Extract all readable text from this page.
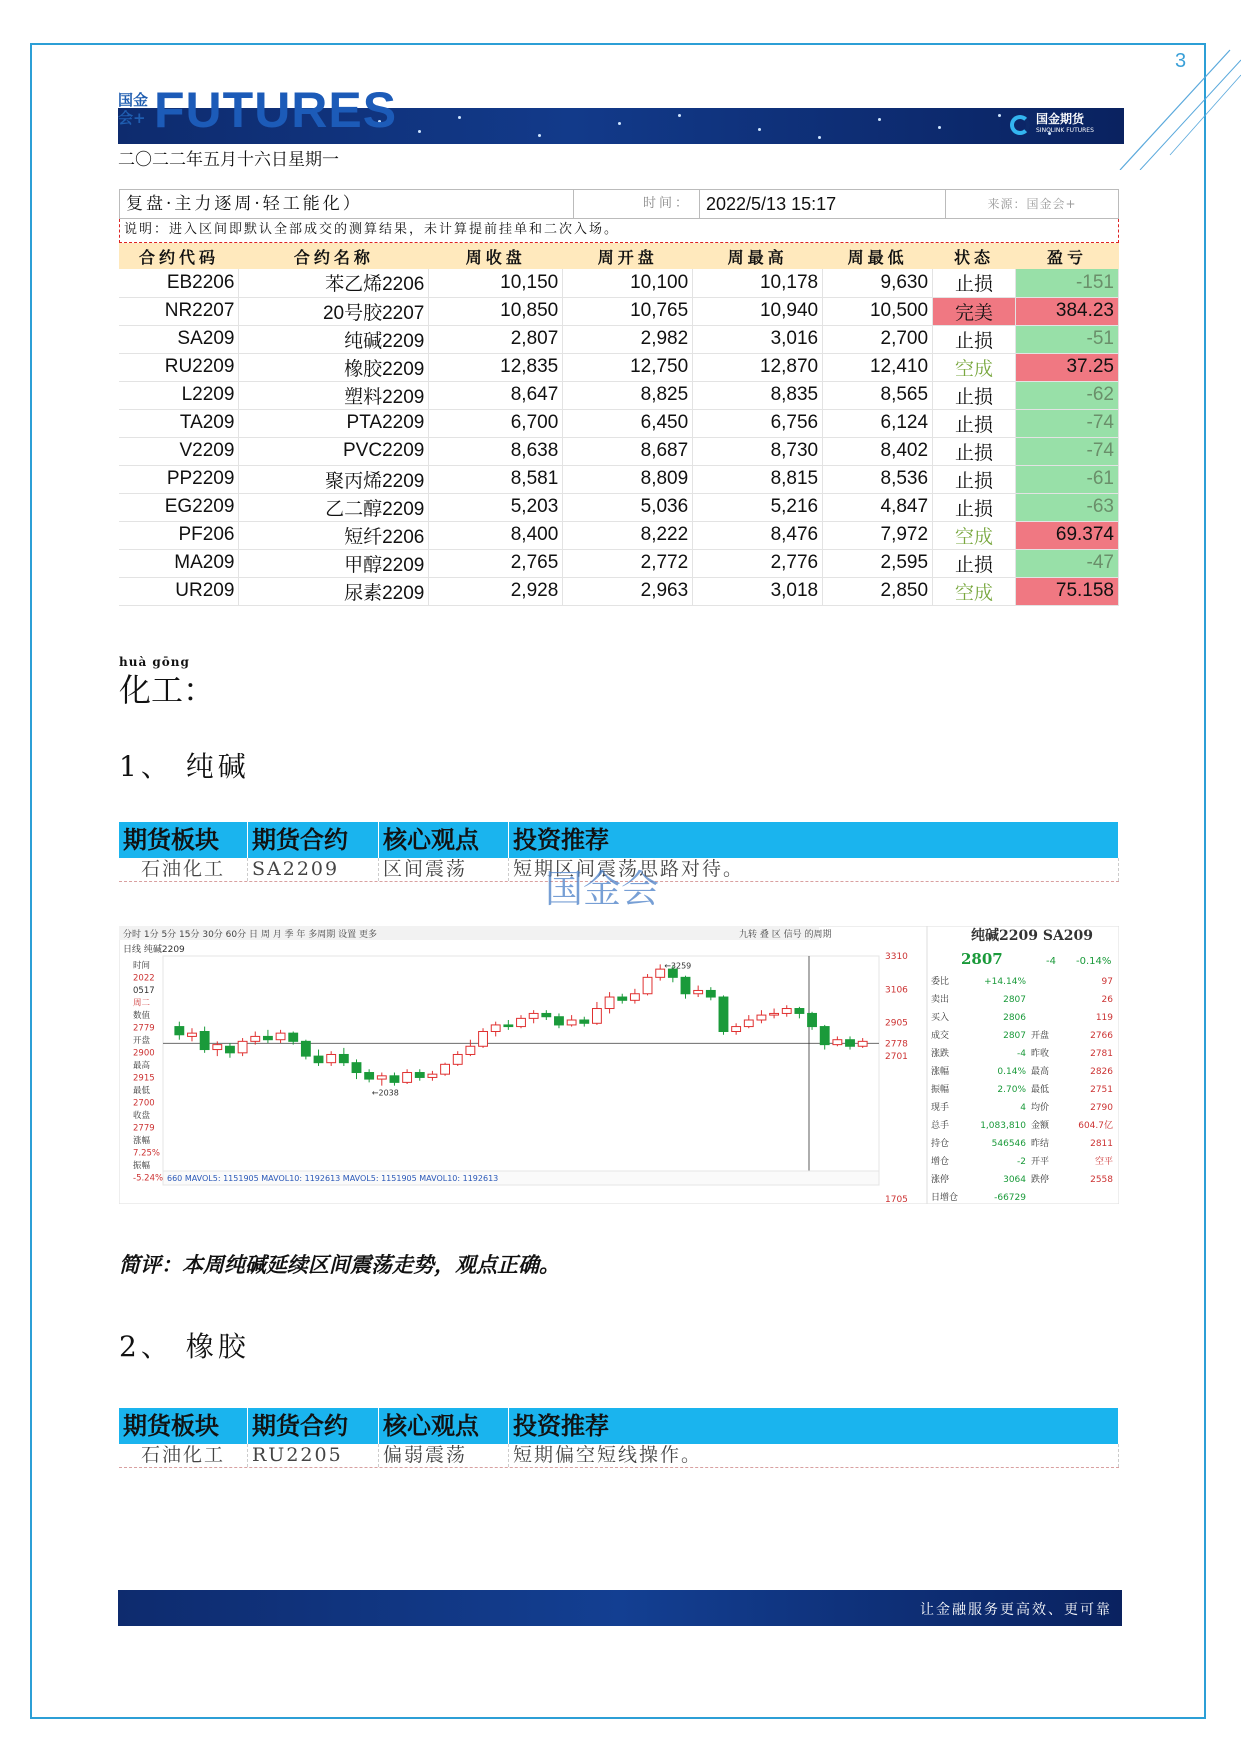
3
国金会+ FUTURES	国金期货
SINOLINK FUTURES
二〇二二年五月十六日星期一
复盘·主力逐周·轻工能化）	时间： 2022/5/13 15:17	来源：国金会+
说明：进入区间即默认全部成交的测算结果，未计算提前挂单和二次入场。
合约代码	合约名称	周收盘	周开盘	周最高	周最低	状态	盈亏
EB2206	苯乙烯2206	10,150	10,100	10,178	9,630	止损	-151
NR2207	20号胶2207	10,850	10,765	10,940	10,500	完美	384.23
SA209	纯碱2209	2,807	2,982	3,016	2,700	止损	-51
RU2209	橡胶2209	12,835	12,750	12,870	12,410	空成	37.25
L2209	塑料2209	8,647	8,825	8,835	8,565	止损	-62
TA209	PTA2209	6,700	6,450	6,756	6,124	止损	-74
V2209	PVC2209	8,638	8,687	8,730	8,402	止损	-74
PP2209	聚丙烯2209	8,581	8,809	8,815	8,536	止损	-61
EG2209	乙二醇2209	5,203	5,036	5,216	4,847	止损	-63
PF206	短纤2206	8,400	8,222	8,476	7,972	空成	69.374
MA209	甲醇2209	2,765	2,772	2,776	2,595	止损	-47
UR209	尿素2209	2,928	2,963	3,018	2,850	空成	75.158
huà gōng
化工：
1、 纯碱
期货板块	期货合约	核心观点	投资推荐
石油化工	SA2209	区间震荡	短期区间震荡思路对待。
国金会
分时 1分 5分 15分 30分 60分 日 周 月 季 年 多周期 设置 更多	九转 叠 区 信号 的周期
日线 纯碱2209
时间
2022
0517
周二
数值
2779
开盘
2900
最高
2915
最低
2700
收盘
2779
涨幅
7.25%
振幅
-5.24%
3310
3106
2905
2778
2701
1705
←3259
←2038
660 MAVOL5: 1151905 MAVOL10: 1192613 MAVOL5: 1151905 MAVOL10: 1192613
纯碱2209 SA209
2807	-4 -0.14%
委比	+14.14%	97
卖出	2807	26
买入	2806	119
成交	2807 开盘	2766
涨跌	-4 昨收	2781
涨幅	0.14% 最高	2826
振幅	2.70% 最低	2751
现手	4 均价	2790
总手	1,083,810 金额	604.7亿
持仓	546546 昨结	2811
增仓	-2 开平	空平
涨停	3064 跌停	2558
日增仓	-66729
简评：本周纯碱延续区间震荡走势，观点正确。
2、 橡胶
期货板块	期货合约	核心观点	投资推荐
石油化工	RU2205	偏弱震荡	短期偏空短线操作。
让金融服务更高效、更可靠
